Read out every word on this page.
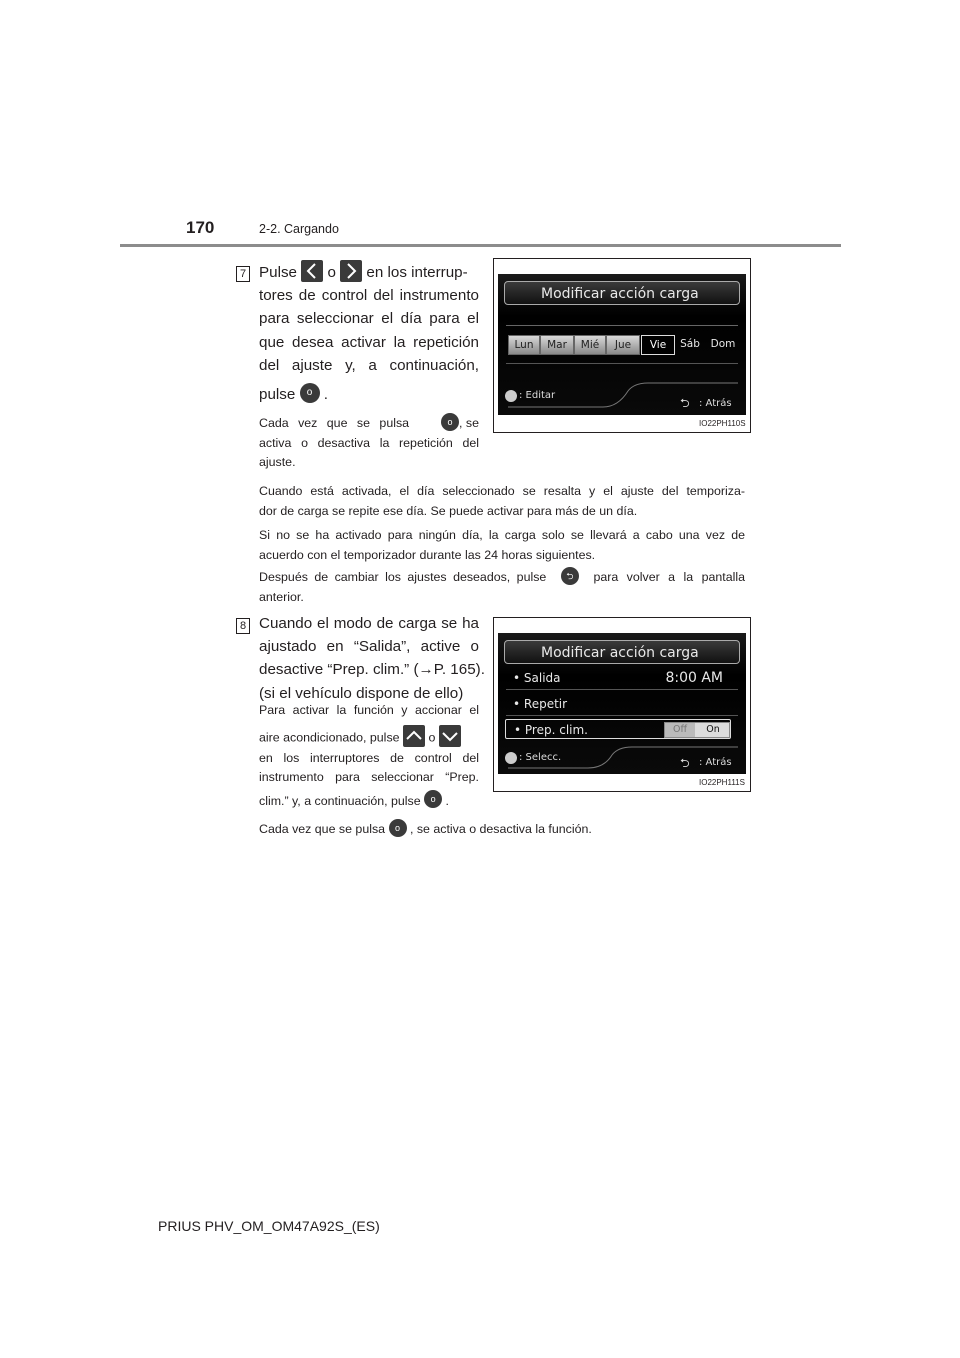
170	2-2. Cargando
7 Pulse o en los interrup-
tores de control del instrumento
para seleccionar el día para el
que desea activar la repetición
del ajuste y, a continuación,
pulse o .
Cada vez que se pulsa	o , se
activa o desactiva la repetición del
ajuste.
Modificar acción carga
Lun	Mar	Mié	Jue	Vie	Sáb	Dom
: Editar
⮌ : Atrás
IO22PH110S
Cuando está activada, el día seleccionado se resalta y el ajuste del temporiza-
dor de carga se repite ese día. Se puede activar para más de un día.
Si no se ha activado para ningún día, la carga solo se llevará a cabo una vez de
acuerdo con el temporizador durante las 24 horas siguientes.
Después de cambiar los ajustes deseados, pulse	⮌	para volver a la pantalla
anterior.
8 Cuando el modo de carga se ha
ajustado en “Salida”, active o
desactive “Prep. clim.” (→P. 165).
(si el vehículo dispone de ello)
Para activar la función y accionar el
aire acondicionado, pulse o
en los interruptores de control del
instrumento para seleccionar “Prep.
clim.” y, a continuación, pulse o .
Modificar acción carga
• Salida	8:00 AM
• Repetir
• Prep. clim.	Off	On
: Selecc.	⮌ : Atrás
IO22PH111S
Cada vez que se pulsa o , se activa o desactiva la función.
PRIUS PHV_OM_OM47A92S_(ES)
